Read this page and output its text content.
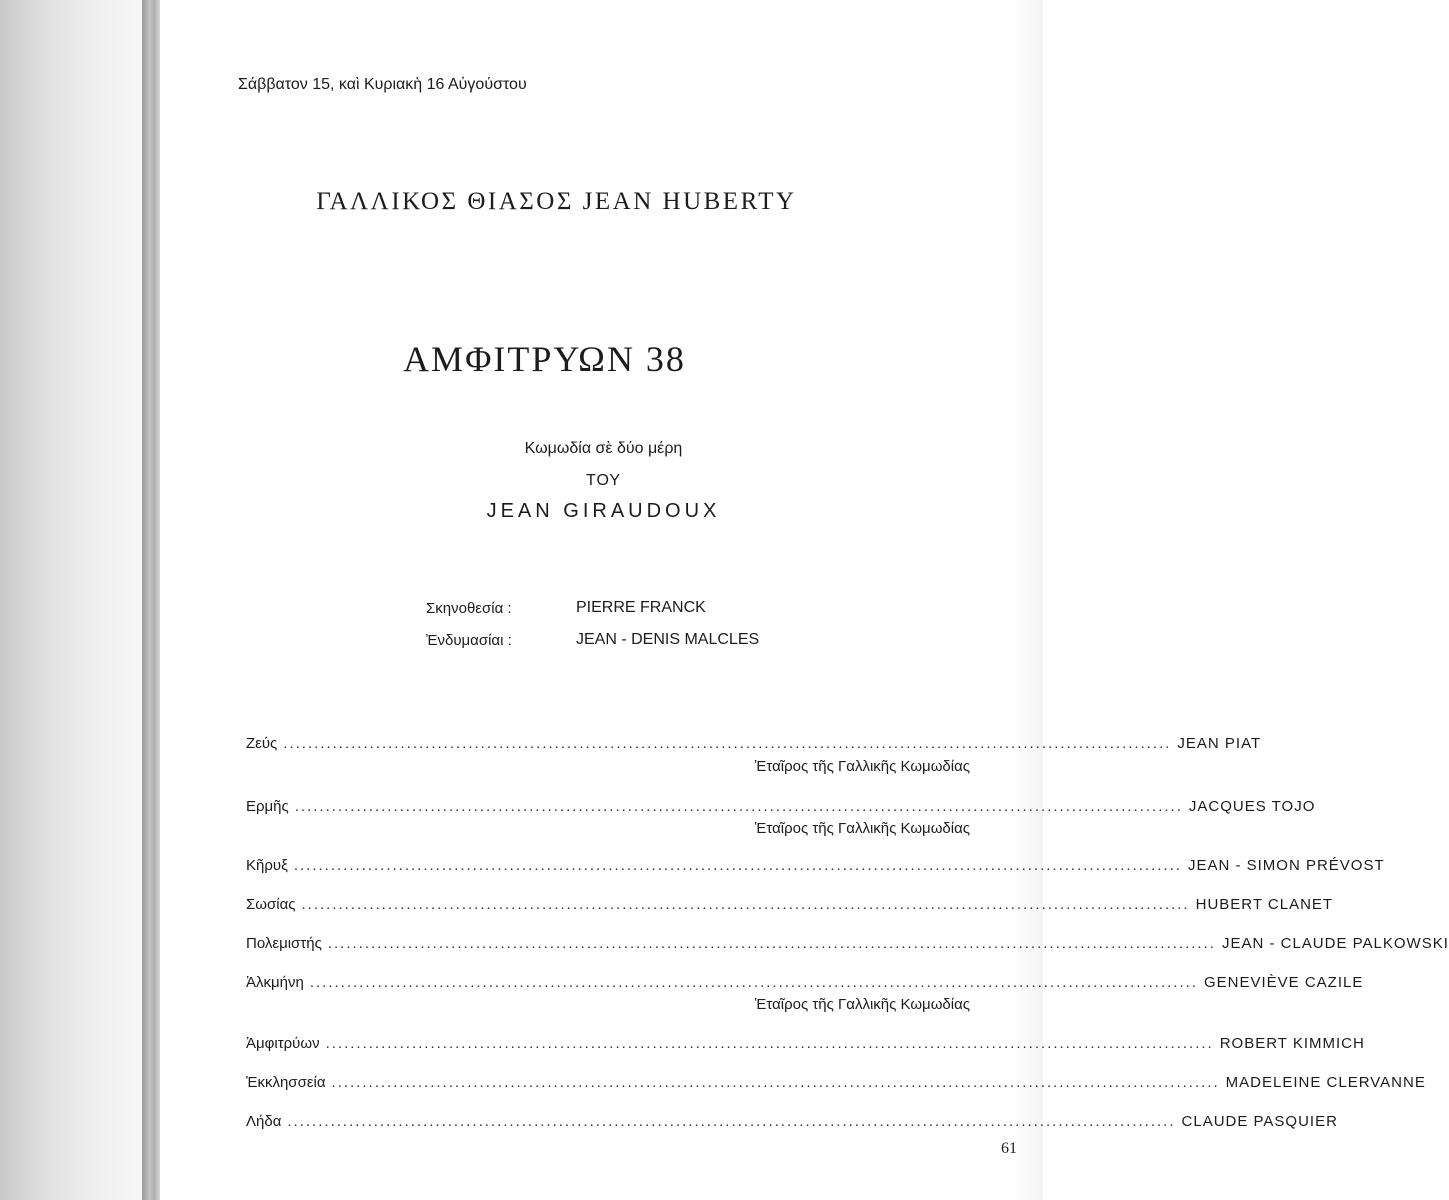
Σάββατον 15, καὶ Κυριακὴ 16 Αὐγούστου
ΓΑΛΛΙΚΟΣ ΘΙΑΣΟΣ JEAN HUBERTY
ΑΜΦΙΤΡΥΩΝ 38
Κωμωδία σὲ δύο μέρη
ΤΟΥ
JEAN GIRAUDOUX
Σκηνοθεσία :	PIERRE FRANCK
Ἐνδυμασίαι :	JEAN - DENIS MALCLES
Ζεύς ................................................................................................................................................ JEAN PIAT
Ἑταῖρος τῆς Γαλλικῆς Κωμωδίας
Ερμῆς ................................................................................................................................................ JACQUES TOJO
Ἑταῖρος τῆς Γαλλικῆς Κωμωδίας
Κῆρυξ ................................................................................................................................................ JEAN - SIMON PRÉVOST
Σωσίας ................................................................................................................................................ HUBERT CLANET
Πολεμιστής ................................................................................................................................................ JEAN - CLAUDE PALKOWSKI
Ἀλκμήνη ................................................................................................................................................ GENEVIÈVE CAZILE
Ἑταῖρος τῆς Γαλλικῆς Κωμωδίας
Ἀμφιτρύων ................................................................................................................................................ ROBERT KIMMICH
Ἐκκλησσεία ................................................................................................................................................ MADELEINE CLERVANNE
Λήδα ................................................................................................................................................ CLAUDE PASQUIER
61
